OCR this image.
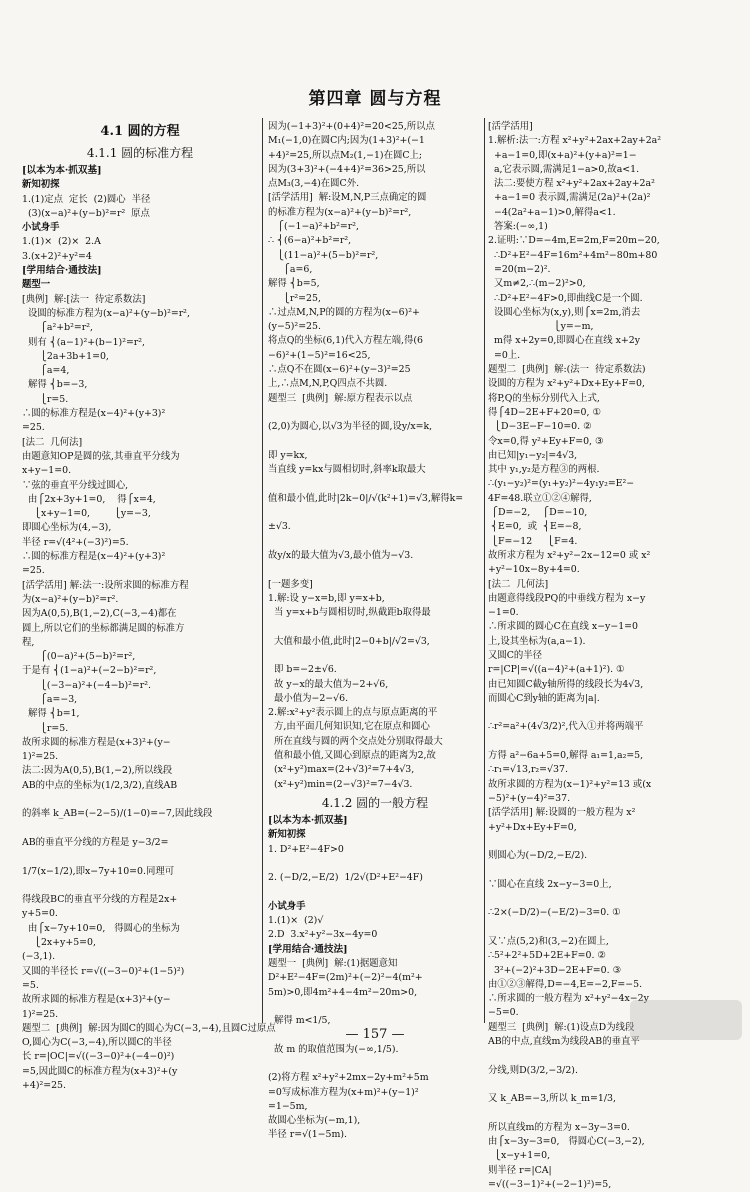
第四章 圆与方程
4.1 圆的方程
4.1.1 圆的标准方程
[以本为本·抓双基]
新知初探
1.(1)定点  定长  (2)圆心  半径
(3)(x−a)²+(y−b)²=r²  原点
小试身手
1.(1)×  (2)×  2.A
3.(x+2)²+y²=4
[学用结合·通技法]
题型一
[典例]  解:[法一  待定系数法]
设圆的标准方程为(x−a)²+(y−b)²=r²,
⎧a²+b²=r²,
则有 ⎨(a−1)²+(b−1)²=r²,
⎩2a+3b+1=0,
⎧a=4,
解得 ⎨b=−3,
⎩r=5.
∴圆的标准方程是(x−4)²+(y+3)²
=25.
[法二  几何法]
由题意知OP是圆的弦,其垂直平分线为
x+y−1=0.
∵弦的垂直平分线过圆心,
由⎧2x+3y+1=0,    得⎧x=4,
⎩x+y−1=0,        ⎩y=−3,
即圆心坐标为(4,−3),
半径 r=√(4²+(−3)²)=5.
∴圆的标准方程是(x−4)²+(y+3)²
=25.
[活学活用] 解:法一:设所求圆的标准方程
为(x−a)²+(y−b)²=r².
因为A(0,5),B(1,−2),C(−3,−4)都在
圆上,所以它们的坐标都满足圆的标准方
程,
⎧(0−a)²+(5−b)²=r²,
于是有 ⎨(1−a)²+(−2−b)²=r²,
⎩(−3−a)²+(−4−b)²=r².
⎧a=−3,
解得 ⎨b=1,
⎩r=5.
故所求圆的标准方程是(x+3)²+(y−
1)²=25.
法二:因为A(0,5),B(1,−2),所以线段
AB的中点的坐标为(1/2,3/2),直线AB

的斜率 k_AB=(−2−5)/(1−0)=−7,因此线段

AB的垂直平分线的方程是 y−3/2=

1/7(x−1/2),即x−7y+10=0.同理可

得线段BC的垂直平分线的方程是2x+
y+5=0.
由⎧x−7y+10=0,   得圆心的坐标为
⎩2x+y+5=0,
(−3,1).
又圆的半径长 r=√((−3−0)²+(1−5)²)
=5.
故所求圆的标准方程是(x+3)²+(y−
1)²=25.
题型二  [典例]  解:因为圆C的圆心为C(−3,−4),且圆C过原点
O,圆心为C(−3,−4),所以圆C的半径
长 r=|OC|=√((−3−0)²+(−4−0)²)
=5,因此圆C的标准方程为(x+3)²+(y
+4)²=25.
因为(−1+3)²+(0+4)²=20<25,所以点
M₁(−1,0)在圆C内;因为(1+3)²+(−1
+4)²=25,所以点M₂(1,−1)在圆C上;
因为(3+3)²+(−4+4)²=36>25,所以
点M₃(3,−4)在圆C外.
[活学活用]  解:设M,N,P三点确定的圆
的标准方程为(x−a)²+(y−b)²=r²,
⎧(−1−a)²+b²=r²,
∴ ⎨(6−a)²+b²=r²,
⎩(11−a)²+(5−b)²=r²,
⎧a=6,
解得 ⎨b=5,
⎩r²=25,
∴过点M,N,P的圆的方程为(x−6)²+
(y−5)²=25.
将点Q的坐标(6,1)代入方程左端,得(6
−6)²+(1−5)²=16<25,
∴点Q不在圆(x−6)²+(y−3)²=25
上,∴点M,N,P,Q四点不共圆.
题型三  [典例]  解:原方程表示以点

(2,0)为圆心,以√3为半径的圆,设y/x=k,

即 y=kx,
当直线 y=kx与圆相切时,斜率k取最大

值和最小值,此时|2k−0|/√(k²+1)=√3,解得k=

±√3.

故y/x的最大值为√3,最小值为−√3.

[一题多变]
1.解:设 y−x=b,即 y=x+b,
当 y=x+b与圆相切时,纵截距b取得最

大值和最小值,此时|2−0+b|/√2=√3,

即 b=−2±√6.
故 y−x的最大值为−2+√6,
最小值为−2−√6.
2.解:x²+y²表示圆上的点与原点距离的平
方,由平面几何知识知,它在原点和圆心
所在直线与圆的两个交点处分别取得最大
值和最小值,又圆心到原点的距离为2,故
(x²+y²)max=(2+√3)²=7+4√3,
(x²+y²)min=(2−√3)²=7−4√3.
4.1.2 圆的一般方程
[以本为本·抓双基]
新知初探
1. D²+E²−4F>0

2. (−D/2,−E/2)  1/2√(D²+E²−4F)

小试身手
1.(1)×  (2)√
2.D  3.x²+y²−3x−4y=0
[学用结合·通技法]
题型一  [典例]  解:(1)据题意知
D²+E²−4F=(2m)²+(−2)²−4(m²+
5m)>0,即4m²+4−4m²−20m>0,

解得 m<1/5,

故 m 的取值范围为(−∞,1/5).

(2)将方程 x²+y²+2mx−2y+m²+5m
=0写成标准方程为(x+m)²+(y−1)²
=1−5m,
故圆心坐标为(−m,1),
半径 r=√(1−5m).
[活学活用]
1.解析:法一:方程 x²+y²+2ax+2ay+2a²
+a−1=0,即(x+a)²+(y+a)²=1−
a,它表示圆,需满足1−a>0,故a<1.
法二:要使方程 x²+y²+2ax+2ay+2a²
+a−1=0 表示圆,需满足(2a)²+(2a)²
−4(2a²+a−1)>0,解得a<1.
答案:(−∞,1)
2.证明:∵D=−4m,E=2m,F=20m−20,
∴D²+E²−4F=16m²+4m²−80m+80
=20(m−2)².
又m≠2,∴(m−2)²>0,
∴D²+E²−4F>0,即曲线C是一个圆.
设圆心坐标为(x,y),则⎧x=2m,消去
⎩y=−m,
m得 x+2y=0,即圆心在直线 x+2y
=0上.
题型二  [典例]  解:(法一  待定系数法)
设圆的方程为 x²+y²+Dx+Ey+F=0,
将P,Q的坐标分别代入上式,
得⎧4D−2E+F+20=0, ①
⎩D−3E−F−10=0. ②
令x=0,得 y²+Ey+F=0, ③
由已知|y₁−y₂|=4√3,
其中 y₁,y₂是方程③的两根.
∴(y₁−y₂)²=(y₁+y₂)²−4y₁y₂=E²−
4F=48.联立①②④解得,
⎧D=−2,    ⎧D=−10,
⎨E=0,  或  ⎨E=−8,
⎩F=−12     ⎩F=4.
故所求方程为 x²+y²−2x−12=0 或 x²
+y²−10x−8y+4=0.
[法二  几何法]
由题意得线段PQ的中垂线方程为 x−y
−1=0.
∴所求圆的圆心C在直线 x−y−1=0
上,设其坐标为(a,a−1).
又圆C的半径
r=|CP|=√((a−4)²+(a+1)²). ①
由已知圆C截y轴所得的线段长为4√3,
而圆心C到y轴的距离为|a|.

∴r²=a²+(4√3/2)²,代入①并将两端平

方得 a²−6a+5=0,解得 a₁=1,a₂=5,
∴r₁=√13,r₂=√37.
故所求圆的方程为(x−1)²+y²=13 或(x
−5)²+(y−4)²=37.
[活学活用] 解:设圆的一般方程为 x²
+y²+Dx+Ey+F=0,

则圆心为(−D/2,−E/2).

∵圆心在直线 2x−y−3=0上,

∴2×(−D/2)−(−E/2)−3=0. ①

又∵点(5,2)和(3,−2)在圆上,
∴5²+2²+5D+2E+F=0. ②
3²+(−2)²+3D−2E+F=0. ③
由①②③解得,D=−4,E=−2,F=−5.
∴所求圆的一般方程为 x²+y²−4x−2y
−5=0.
题型三  [典例]  解:(1)设点D为线段
AB的中点,直线m为线段AB的垂直平

分线,则D(3/2,−3/2).

又 k_AB=−3,所以 k_m=1/3,

所以直线m的方程为 x−3y−3=0.
由⎧x−3y−3=0,   得圆心C(−3,−2),
⎩x−y+1=0,
则半径 r=|CA|
=√((−3−1)²+(−2−1)²)=5,
— 157 —
